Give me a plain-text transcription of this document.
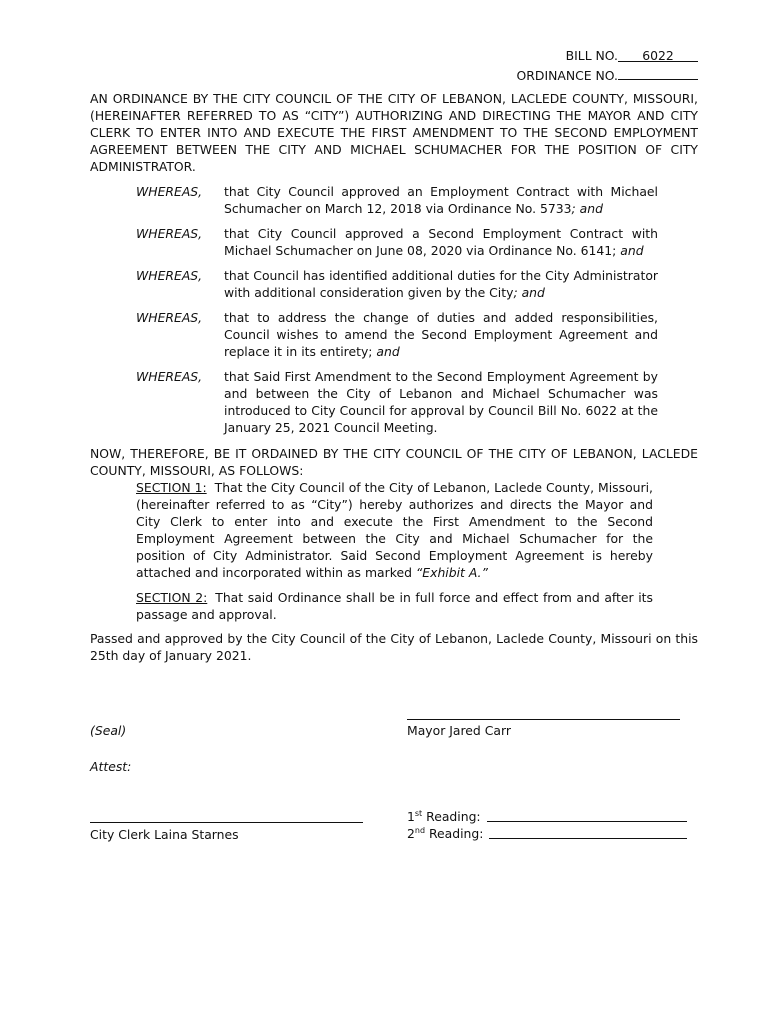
BILL NO. 6022
ORDINANCE NO.
AN ORDINANCE BY THE CITY COUNCIL OF THE CITY OF LEBANON, LACLEDE COUNTY, MISSOURI, (HEREINAFTER REFERRED TO AS “CITY”) AUTHORIZING AND DIRECTING THE MAYOR AND CITY CLERK TO ENTER INTO AND EXECUTE THE FIRST AMENDMENT TO THE SECOND EMPLOYMENT AGREEMENT BETWEEN THE CITY AND MICHAEL SCHUMACHER FOR THE POSITION OF CITY ADMINISTRATOR.
WHEREAS,	that City Council approved an Employment Contract with Michael Schumacher on March 12, 2018 via Ordinance No. 5733; and
WHEREAS,	that City Council approved a Second Employment Contract with Michael Schumacher on June 08, 2020 via Ordinance No. 6141; and
WHEREAS,	that Council has identified additional duties for the City Administrator with additional consideration given by the City; and
WHEREAS,	that to address the change of duties and added responsibilities, Council wishes to amend the Second Employment Agreement and replace it in its entirety; and
WHEREAS,	that Said First Amendment to the Second Employment Agreement by and between the City of Lebanon and Michael Schumacher was introduced to City Council for approval by Council Bill No. 6022 at the January 25, 2021 Council Meeting.
NOW, THEREFORE, BE IT ORDAINED BY THE CITY COUNCIL OF THE CITY OF LEBANON, LACLEDE COUNTY, MISSOURI, AS FOLLOWS:
SECTION 1: That the City Council of the City of Lebanon, Laclede County, Missouri, (hereinafter referred to as “City”) hereby authorizes and directs the Mayor and City Clerk to enter into and execute the First Amendment to the Second Employment Agreement between the City and Michael Schumacher for the position of City Administrator. Said Second Employment Agreement is hereby attached and incorporated within as marked “Exhibit A.”
SECTION 2: That said Ordinance shall be in full force and effect from and after its passage and approval.
Passed and approved by the City Council of the City of Lebanon, Laclede County, Missouri on this 25th day of January 2021.
(Seal)	Mayor Jared Carr
Attest:
City Clerk Laina Starnes
1st Reading:
2nd Reading:
